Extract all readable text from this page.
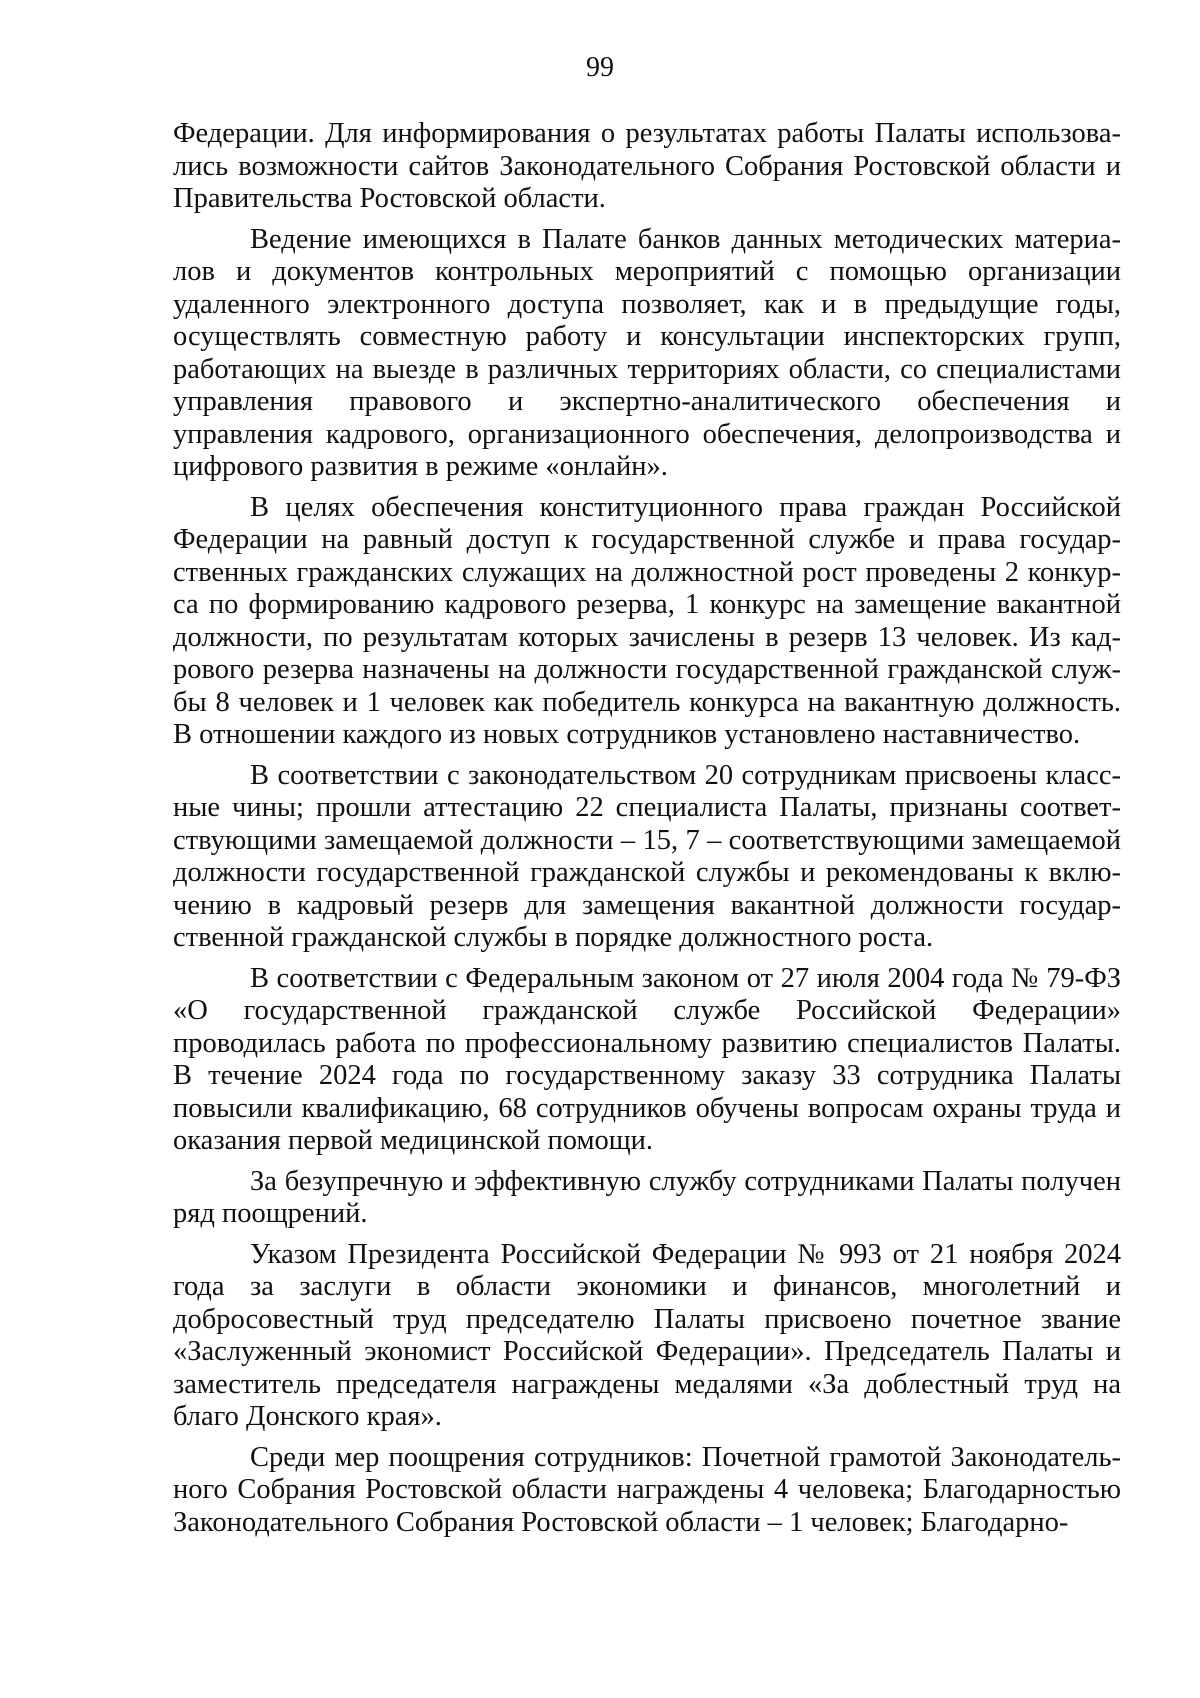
99

Федерации. Для информирования о результатах работы Палаты использовались возможности сайтов Законодательного Собрания Ростовской области и Правительства Ростовской области.

Ведение имеющихся в Палате банков данных методических материалов и документов контрольных мероприятий с помощью организации удаленного электронного доступа позволяет, как и в предыдущие годы, осуществлять совместную работу и консультации инспекторских групп, работающих на выезде в различных территориях области, со специалистами управления правового и экспертно-аналитического обеспечения и управления кадрового, организационного обеспечения, делопроизводства и цифрового развития в режиме «онлайн».

В целях обеспечения конституционного права граждан Российской Федерации на равный доступ к государственной службе и права государственных гражданских служащих на должностной рост проведены 2 конкурса по формированию кадрового резерва, 1 конкурс на замещение вакантной должности, по результатам которых зачислены в резерв 13 человек. Из кадрового резерва назначены на должности государственной гражданской службы 8 человек и 1 человек как победитель конкурса на вакантную должность. В отношении каждого из новых сотрудников установлено наставничество.

В соответствии с законодательством 20 сотрудникам присвоены классные чины; прошли аттестацию 22 специалиста Палаты, признаны соответствующими замещаемой должности – 15, 7 – соответствующими замещаемой должности государственной гражданской службы и рекомендованы к включению в кадровый резерв для замещения вакантной должности государственной гражданской службы в порядке должностного роста.

В соответствии с Федеральным законом от 27 июля 2004 года № 79-ФЗ «О государственной гражданской службе Российской Федерации» проводилась работа по профессиональному развитию специалистов Палаты. В течение 2024 года по государственному заказу 33 сотрудника Палаты повысили квалификацию, 68 сотрудников обучены вопросам охраны труда и оказания первой медицинской помощи.

За безупречную и эффективную службу сотрудниками Палаты получен ряд поощрений.

Указом Президента Российской Федерации № 993 от 21 ноября 2024 года за заслуги в области экономики и финансов, многолетний и добросовестный труд председателю Палаты присвоено почетное звание «Заслуженный экономист Российской Федерации». Председатель Палаты и заместитель председателя награждены медалями «За доблестный труд на благо Донского края».

Среди мер поощрения сотрудников: Почетной грамотой Законодательного Собрания Ростовской области награждены 4 человека; Благодарностью Законодательного Собрания Ростовской области – 1 человек; Благодарно-
